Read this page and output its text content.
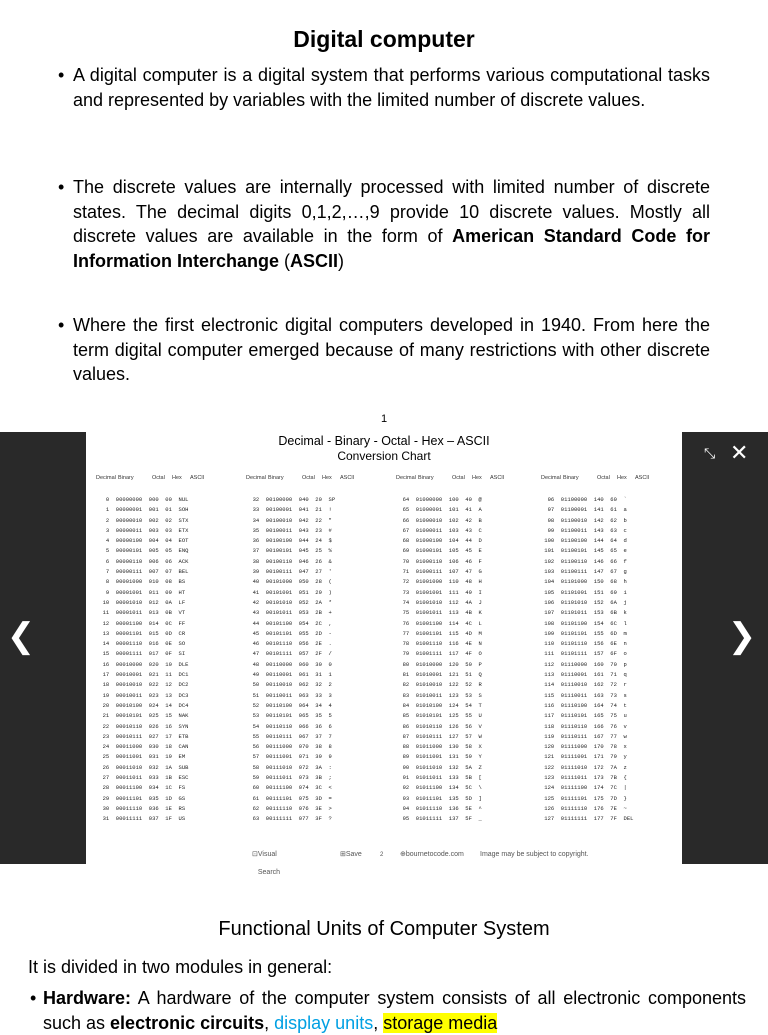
Digital computer
• A digital computer is a digital system that performs various computational tasks and represented by variables with the limited number of discrete values.
• The discrete values are internally processed with limited number of discrete states. The decimal digits 0,1,2,…,9 provide 10 discrete values. Mostly all discrete values are available in the form of American Standard Code for Information Interchange (ASCII)
• Where the first electronic digital computers developed in 1940. From here the term digital computer emerged because of many restrictions with other discrete values.
1
❮	❯
⤡ ✕
Decimal - Binary - Octal - Hex – ASCII
Conversion Chart
Decimal Binary	Octal Hex ASCII
0  00000000  000  00  NUL
1  00000001  001  01  SOH
2  00000010  002  02  STX
3  00000011  003  03  ETX
4  00000100  004  04  EOT
5  00000101  005  05  ENQ
6  00000110  006  06  ACK
7  00000111  007  07  BEL
8  00001000  010  08  BS
9  00001001  011  09  HT
10  00001010  012  0A  LF
11  00001011  013  0B  VT
12  00001100  014  0C  FF
13  00001101  015  0D  CR
14  00001110  016  0E  SO
15  00001111  017  0F  SI
16  00010000  020  10  DLE
17  00010001  021  11  DC1
18  00010010  022  12  DC2
19  00010011  023  13  DC3
20  00010100  024  14  DC4
21  00010101  025  15  NAK
22  00010110  026  16  SYN
23  00010111  027  17  ETB
24  00011000  030  18  CAN
25  00011001  031  19  EM
26  00011010  032  1A  SUB
27  00011011  033  1B  ESC
28  00011100  034  1C  FS
29  00011101  035  1D  GS
30  00011110  036  1E  RS
31  00011111  037  1F  US
Decimal Binary	Octal Hex ASCII
32  00100000  040  20  SP
33  00100001  041  21  !
34  00100010  042  22  "
35  00100011  043  23  #
36  00100100  044  24  $
37  00100101  045  25  %
38  00100110  046  26  &
39  00100111  047  27  '
40  00101000  050  28  (
41  00101001  051  29  )
42  00101010  052  2A  *
43  00101011  053  2B  +
44  00101100  054  2C  ,
45  00101101  055  2D  -
46  00101110  056  2E  .
47  00101111  057  2F  /
48  00110000  060  30  0
49  00110001  061  31  1
50  00110010  062  32  2
51  00110011  063  33  3
52  00110100  064  34  4
53  00110101  065  35  5
54  00110110  066  36  6
55  00110111  067  37  7
56  00111000  070  38  8
57  00111001  071  39  9
58  00111010  072  3A  :
59  00111011  073  3B  ;
60  00111100  074  3C  <
61  00111101  075  3D  =
62  00111110  076  3E  >
63  00111111  077  3F  ?
Decimal Binary	Octal Hex ASCII
64  01000000  100  40  @
65  01000001  101  41  A
66  01000010  102  42  B
67  01000011  103  43  C
68  01000100  104  44  D
69  01000101  105  45  E
70  01000110  106  46  F
71  01000111  107  47  G
72  01001000  110  48  H
73  01001001  111  49  I
74  01001010  112  4A  J
75  01001011  113  4B  K
76  01001100  114  4C  L
77  01001101  115  4D  M
78  01001110  116  4E  N
79  01001111  117  4F  O
80  01010000  120  50  P
81  01010001  121  51  Q
82  01010010  122  52  R
83  01010011  123  53  S
84  01010100  124  54  T
85  01010101  125  55  U
86  01010110  126  56  V
87  01010111  127  57  W
88  01011000  130  58  X
89  01011001  131  59  Y
90  01011010  132  5A  Z
91  01011011  133  5B  [
92  01011100  134  5C  \
93  01011101  135  5D  ]
94  01011110  136  5E  ^
95  01011111  137  5F  _
Decimal Binary	Octal Hex ASCII
96  01100000  140  60  `
97  01100001  141  61  a
98  01100010  142  62  b
99  01100011  143  63  c
100  01100100  144  64  d
101  01100101  145  65  e
102  01100110  146  66  f
103  01100111  147  67  g
104  01101000  150  68  h
105  01101001  151  69  i
106  01101010  152  6A  j
107  01101011  153  6B  k
108  01101100  154  6C  l
109  01101101  155  6D  m
110  01101110  156  6E  n
111  01101111  157  6F  o
112  01110000  160  70  p
113  01110001  161  71  q
114  01110010  162  72  r
115  01110011  163  73  s
116  01110100  164  74  t
117  01110101  165  75  u
118  01110110  166  76  v
119  01110111  167  77  w
120  01111000  170  78  x
121  01111001  171  79  y
122  01111010  172  7A  z
123  01111011  173  7B  {
124  01111100  174  7C  |
125  01111101  175  7D  }
126  01111110  176  7E  ~
127  01111111  177  7F  DEL
⊡ Visual Search
⊞ Save	2 ⊕ bournetocode.com Image may be subject to copyright.
Functional Units of Computer System
It is divided in two modules in general:
• Hardware: A hardware of the computer system consists of all electronic components such as electronic circuits, display units, storage media
